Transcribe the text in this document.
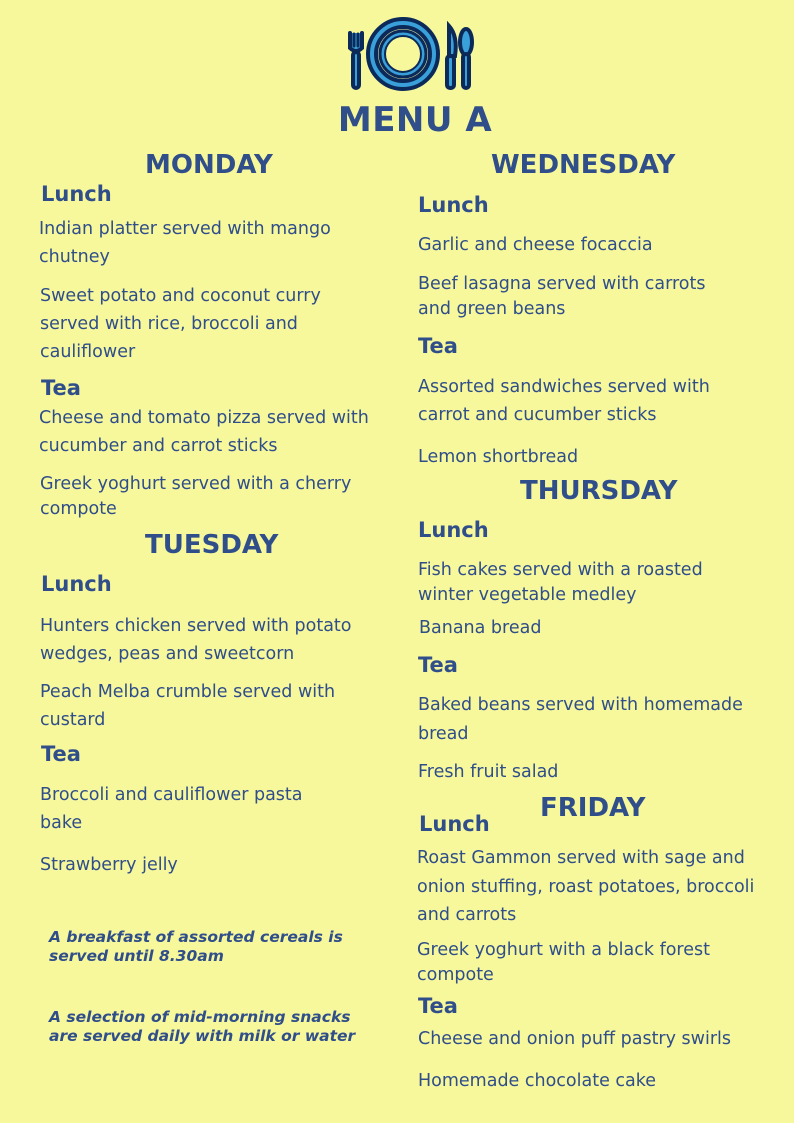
MENU A
MONDAY
Lunch
Indian platter served with mango chutney
Sweet potato and coconut curry served with rice, broccoli and cauliflower
Tea
Cheese and tomato pizza served with cucumber and carrot sticks
Greek yoghurt served with a cherry compote
TUESDAY
Lunch
Hunters chicken served with potato wedges, peas and sweetcorn
Peach Melba crumble served with custard
Tea
Broccoli and cauliflower pasta bake
Strawberry jelly
A breakfast of assorted cereals is served until 8.30am
A selection of mid-morning snacks are served daily with milk or water
WEDNESDAY
Lunch
Garlic and cheese focaccia
Beef lasagna served with carrots and green beans
Tea
Assorted sandwiches served with carrot and cucumber sticks
Lemon shortbread
THURSDAY
Lunch
Fish cakes served with a roasted winter vegetable medley
Banana bread
Tea
Baked beans served with homemade bread
Fresh fruit salad
FRIDAY
Lunch
Roast Gammon served with sage and onion stuffing, roast potatoes, broccoli and carrots
Greek yoghurt with a black forest compote
Tea
Cheese and onion puff pastry swirls
Homemade chocolate cake
